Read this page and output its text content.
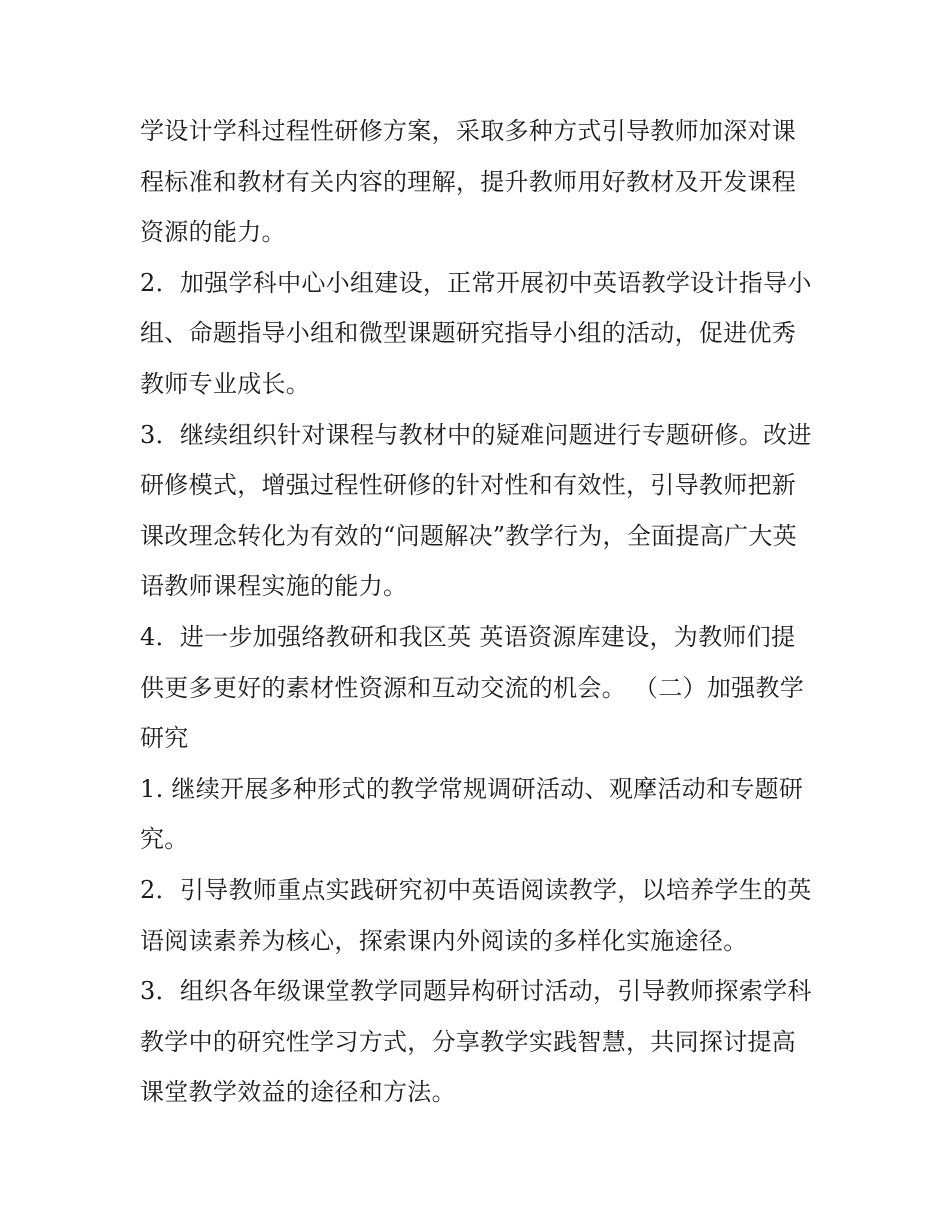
学设计学科过程性研修方案，采取多种方式引导教师加深对课程标准和教材有关内容的理解，提升教师用好教材及开发课程资源的能力。

2．加强学科中心小组建设，正常开展初中英语教学设计指导小组、命题指导小组和微型课题研究指导小组的活动，促进优秀教师专业成长。

3．继续组织针对课程与教材中的疑难问题进行专题研修。改进研修模式，增强过程性研修的针对性和有效性，引导教师把新课改理念转化为有效的“问题解决”教学行为，全面提高广大英语教师课程实施的能力。

4．进一步加强络教研和我区英 英语资源库建设，为教师们提供更多更好的素材性资源和互动交流的机会。 （二）加强教学研究

1. 继续开展多种形式的教学常规调研活动、观摩活动和专题研究。

2．引导教师重点实践研究初中英语阅读教学，以培养学生的英语阅读素养为核心，探索课内外阅读的多样化实施途径。

3．组织各年级课堂教学同题异构研讨活动，引导教师探索学科教学中的研究性学习方式，分享教学实践智慧，共同探讨提高课堂教学效益的途径和方法。
